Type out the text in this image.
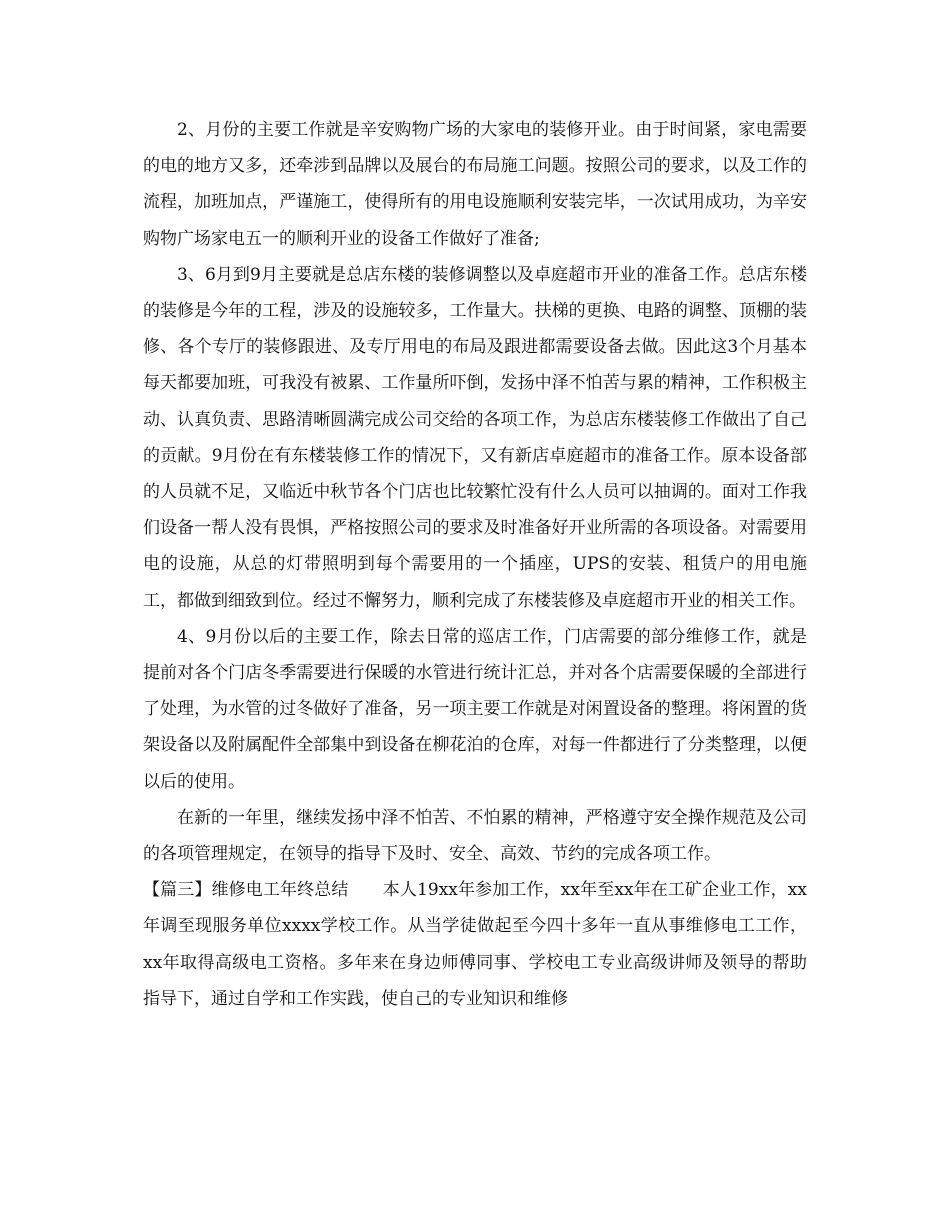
2、月份的主要工作就是辛安购物广场的大家电的装修开业。由于时间紧，家电需要的电的地方又多，还牵涉到品牌以及展台的布局施工问题。按照公司的要求，以及工作的流程，加班加点，严谨施工，使得所有的用电设施顺利安装完毕，一次试用成功，为辛安购物广场家电五一的顺利开业的设备工作做好了准备;

3、6月到9月主要就是总店东楼的装修调整以及卓庭超市开业的准备工作。总店东楼的装修是今年的工程，涉及的设施较多，工作量大。扶梯的更换、电路的调整、顶棚的装修、各个专厅的装修跟进、及专厅用电的布局及跟进都需要设备去做。因此这3个月基本每天都要加班，可我没有被累、工作量所吓倒，发扬中泽不怕苦与累的精神，工作积极主动、认真负责、思路清晰圆满完成公司交给的各项工作，为总店东楼装修工作做出了自己的贡献。9月份在有东楼装修工作的情况下，又有新店卓庭超市的准备工作。原本设备部的人员就不足，又临近中秋节各个门店也比较繁忙没有什么人员可以抽调的。面对工作我们设备一帮人没有畏惧，严格按照公司的要求及时准备好开业所需的各项设备。对需要用电的设施，从总的灯带照明到每个需要用的一个插座，UPS的安装、租赁户的用电施工，都做到细致到位。经过不懈努力，顺利完成了东楼装修及卓庭超市开业的相关工作。

4、9月份以后的主要工作，除去日常的巡店工作，门店需要的部分维修工作，就是提前对各个门店冬季需要进行保暖的水管进行统计汇总，并对各个店需要保暖的全部进行了处理，为水管的过冬做好了准备，另一项主要工作就是对闲置设备的整理。将闲置的货架设备以及附属配件全部集中到设备在柳花泊的仓库，对每一件都进行了分类整理，以便以后的使用。

在新的一年里，继续发扬中泽不怕苦、不怕累的精神，严格遵守安全操作规范及公司的各项管理规定，在领导的指导下及时、安全、高效、节约的完成各项工作。

【篇三】维修电工年终总结　　本人19xx年参加工作，xx年至xx年在工矿企业工作，xx年调至现服务单位xxxx学校工作。从当学徒做起至今四十多年一直从事维修电工工作，xx年取得高级电工资格。多年来在身边师傅同事、学校电工专业高级讲师及领导的帮助指导下，通过自学和工作实践，使自己的专业知识和维修
